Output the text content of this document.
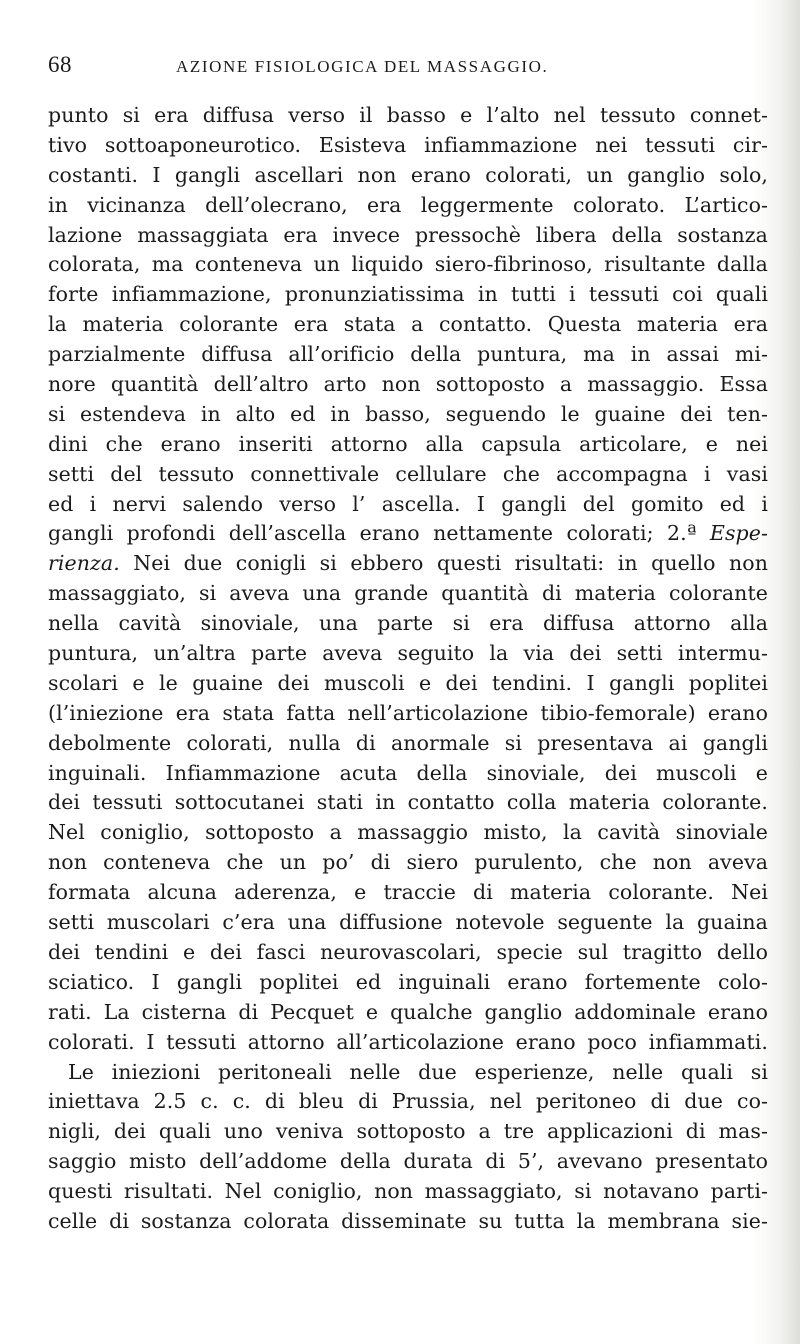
68	AZIONE FISIOLOGICA DEL MASSAGGIO.
punto si era diffusa verso il basso e l’alto nel tessuto connet-
tivo sottoaponeurotico. Esisteva infiammazione nei tessuti cir-
costanti. I gangli ascellari non erano colorati, un ganglio solo,
in vicinanza dell’olecrano, era leggermente colorato. L’artico-
lazione massaggiata era invece pressochè libera della sostanza
colorata, ma conteneva un liquido siero-fibrinoso, risultante dalla
forte infiammazione, pronunziatissima in tutti i tessuti coi quali
la materia colorante era stata a contatto. Questa materia era
parzialmente diffusa all’orificio della puntura, ma in assai mi-
nore quantità dell’altro arto non sottoposto a massaggio. Essa
si estendeva in alto ed in basso, seguendo le guaine dei ten-
dini che erano inseriti attorno alla capsula articolare, e nei
setti del tessuto connettivale cellulare che accompagna i vasi
ed i nervi salendo verso l’ ascella. I gangli del gomito ed i
gangli profondi dell’ascella erano nettamente colorati; 2.ª Espe-
rienza. Nei due conigli si ebbero questi risultati: in quello non
massaggiato, si aveva una grande quantità di materia colorante
nella cavità sinoviale, una parte si era diffusa attorno alla
puntura, un’altra parte aveva seguito la via dei setti intermu-
scolari e le guaine dei muscoli e dei tendini. I gangli poplitei
(l’iniezione era stata fatta nell’articolazione tibio-femorale) erano
debolmente colorati, nulla di anormale si presentava ai gangli
inguinali. Infiammazione acuta della sinoviale, dei muscoli e
dei tessuti sottocutanei stati in contatto colla materia colorante.
Nel coniglio, sottoposto a massaggio misto, la cavità sinoviale
non conteneva che un po’ di siero purulento, che non aveva
formata alcuna aderenza, e traccie di materia colorante. Nei
setti muscolari c’era una diffusione notevole seguente la guaina
dei tendini e dei fasci neurovascolari, specie sul tragitto dello
sciatico. I gangli poplitei ed inguinali erano fortemente colo-
rati. La cisterna di Pecquet e qualche ganglio addominale erano
colorati. I tessuti attorno all’articolazione erano poco infiammati.
Le iniezioni peritoneali nelle due esperienze, nelle quali si
iniettava 2.5 c. c. di bleu di Prussia, nel peritoneo di due co-
nigli, dei quali uno veniva sottoposto a tre applicazioni di mas-
saggio misto dell’addome della durata di 5’, avevano presentato
questi risultati. Nel coniglio, non massaggiato, si notavano parti-
celle di sostanza colorata disseminate su tutta la membrana sie-
